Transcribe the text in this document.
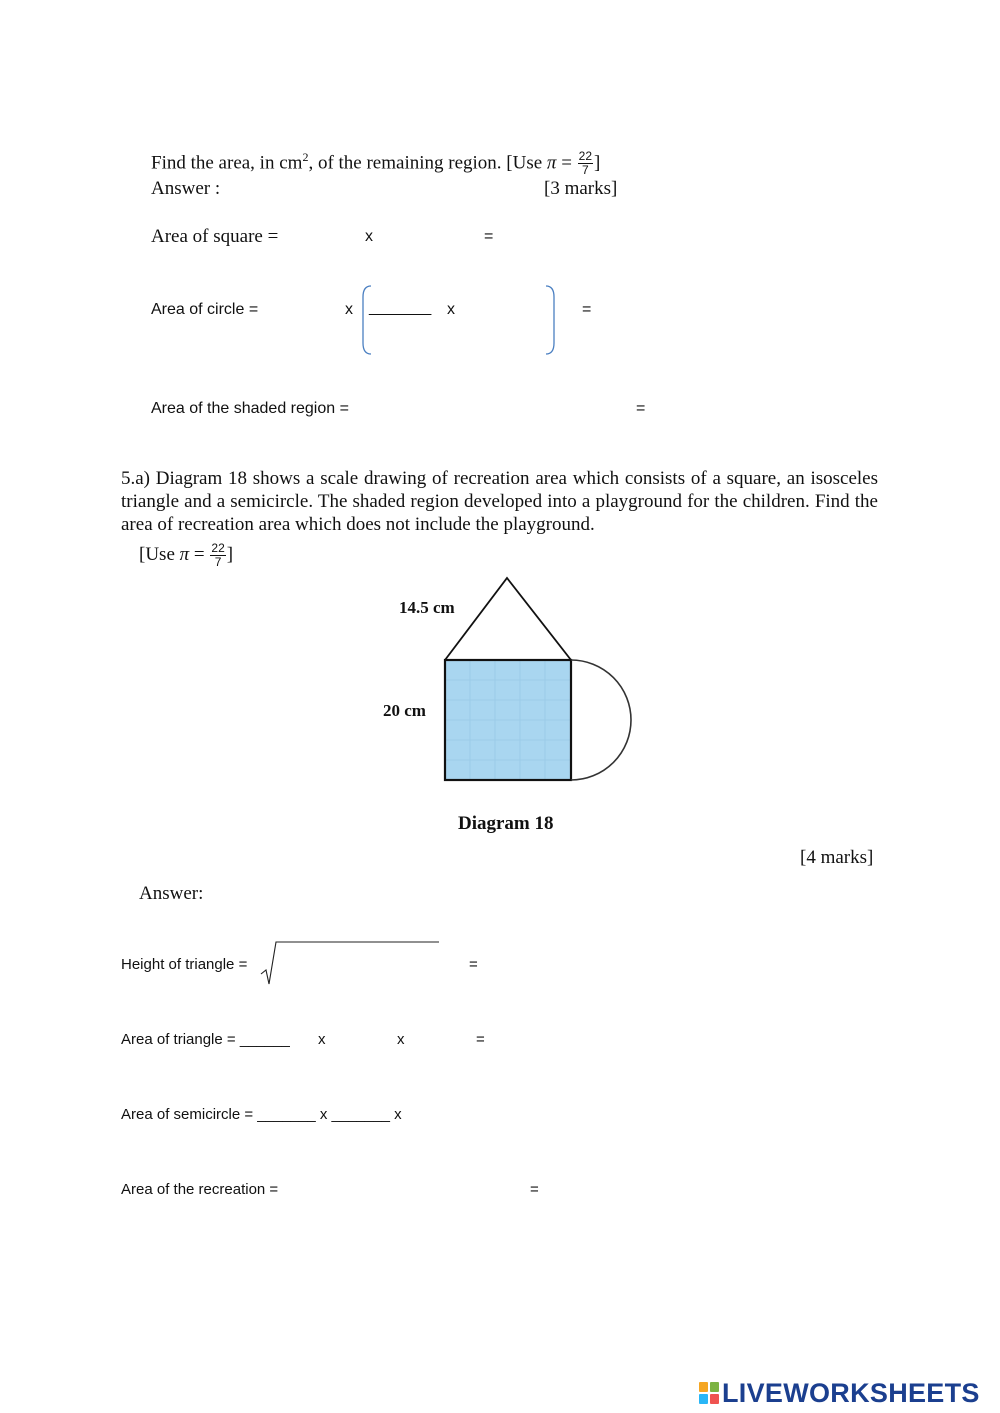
Find the area, in $cm^2$, of the remaining region. [Use $\pi = \frac{22}{7}$ ]
Answer :	[3 marks]
Area of square =	x	=
Area of circle =	x _______ x	=
Area of the shaded region =	=
5.a) Diagram 18 shows a scale drawing of recreation area which consists of a square, an isosceles triangle and a semicircle. The shaded region developed into a playground for the children. Find the area of recreation area which does not include the playground.
[Use $\pi = \frac{22}{7}$ ]
14.5 cm
20 cm
Diagram 18
[4 marks]
Answer:
Height of triangle =	=
Area of triangle = ______ x	x	=
Area of semicircle = _______ x _______ x
Area of the recreation =	=
LIVEWORKSHEETS
